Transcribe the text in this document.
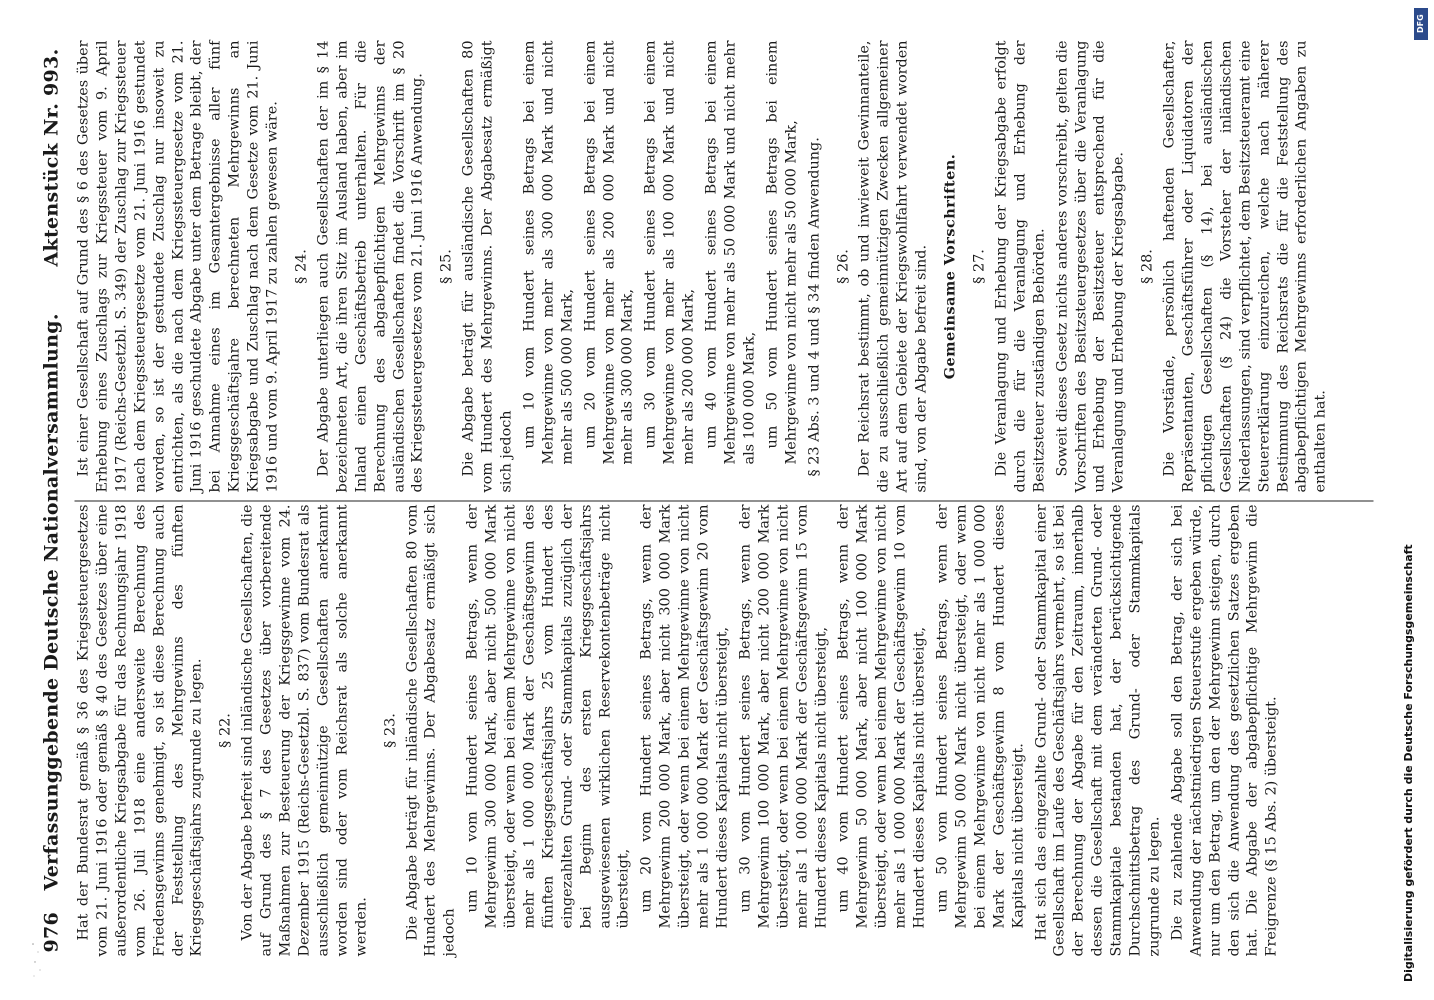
976
Verfassunggebende Deutsche Nationalversammlung.
Aktenstück Nr. 993.

Hat der Bundesrat gemäß § 36 des Kriegssteuergesetzes vom 21. Juni 1916 oder gemäß § 40 des Gesetzes über eine außerordentliche Kriegsabgabe für das Rechnungsjahr 1918 vom 26. Juli 1918 eine andersweite Berechnung des Friedensgewinns genehmigt, so ist diese Berechnung auch der Feststellung des Mehrgewinns des fünften Kriegsgeschäftsjahrs zugrunde zu legen. § 22. Von der Abgabe befreit sind inländische Gesellschaften, die auf Grund des § 7 des Gesetzes über vorbereitende Maßnahmen zur Besteuerung der Kriegsgewinne vom 24. Dezember 1915 (Reichs-Gesetzbl. S. 837) vom Bundesrat als ausschließlich gemeinnützige Gesellschaften anerkannt worden sind oder vom Reichsrat als solche anerkannt werden.

§ 23. Die Abgabe beträgt für inländische Gesellschaften 80 vom Hundert des Mehrgewinns. Der Abgabesatz ermäßigt sich jedoch

um 10 vom Hundert seines Betrags, wenn der Mehrgewinn 300 000 Mark, aber nicht 500 000 Mark übersteigt, oder wenn bei einem Mehrgewinne von nicht mehr als 1 000 000 Mark der Geschäftsgewinn des fünften Kriegsgeschäftsjahrs 25 vom Hundert des eingezahlten Grund- oder Stammkapitals zuzüglich der bei Beginn des ersten Kriegsgeschäftsjahrs ausgewiesenen wirklichen Reservekontenbeträge nicht übersteigt, um 20 vom Hundert seines Betrags, wenn der Mehrgewinn 200 000 Mark, aber nicht 300 000 Mark übersteigt, oder wenn bei einem Mehrgewinne von nicht mehr als 1 000 000 Mark der Geschäftsgewinn 20 vom Hundert dieses Kapitals nicht übersteigt, um 30 vom Hundert seines Betrags, wenn der Mehrgewinn 100 000 Mark, aber nicht 200 000 Mark übersteigt, oder wenn bei einem Mehrgewinne von nicht mehr als 1 000 000 Mark der Geschäftsgewinn 15 vom Hundert dieses Kapitals nicht übersteigt, um 40 vom Hundert seines Betrags, wenn der Mehrgewinn 50 000 Mark, aber nicht 100 000 Mark übersteigt, oder wenn bei einem Mehrgewinne von nicht mehr als 1 000 000 Mark der Geschäftsgewinn 10 vom Hundert dieses Kapitals nicht übersteigt, um 50 vom Hundert seines Betrags, wenn der Mehrgewinn 50 000 Mark nicht übersteigt, oder wenn bei einem Mehrgewinne von nicht mehr als 1 000 000 Mark der Geschäftsgewinn 8 vom Hundert dieses Kapitals nicht übersteigt. Hat sich das eingezahlte Grund- oder Stammkapital einer Gesellschaft im Laufe des Geschäftsjahrs vermehrt, so ist bei der Berechnung der Abgabe für den Zeitraum, innerhalb dessen die Gesellschaft mit dem veränderten Grund- oder Stammkapitale bestanden hat, der berücksichtigende Durchschnittsbetrag des Grund- oder Stammkapitals zugrunde zu legen. Die zu zahlende Abgabe soll den Betrag, der sich bei Anwendung der nächstniedrigen Steuerstufe ergeben würde, nur um den Betrag, um den der Mehrgewinn steigen, durch den sich die Anwendung des gesetzlichen Satzes ergeben hat. Die Abgabe der abgabepflichtige Mehrgewinn die Freigrenze (§ 15 Abs. 2) übersteigt.

Ist einer Gesellschaft auf Grund des § 6 des Gesetzes über Erhebung eines Zuschlags zur Kriegssteuer vom 9. April 1917 (Reichs-Gesetzbl. S. 349) der Zuschlag zur Kriegssteuer nach dem Kriegssteuergesetze vom 21. Juni 1916 gestundet worden, so ist der gestundete Zuschlag nur insoweit zu entrichten, als die nach dem Kriegssteuergesetze vom 21. Juni 1916 geschuldete Abgabe unter dem Betrage bleibt, der bei Annahme eines im Gesamtergebnisse aller fünf Kriegsgeschäftsjahre berechneten Mehrgewinns an Kriegsabgabe und Zuschlag nach dem Gesetze vom 21. Juni 1916 und vom 9. April 1917 zu zahlen gewesen wäre. § 24. Der Abgabe unterliegen auch Gesellschaften der im § 14 bezeichneten Art, die ihren Sitz im Ausland haben, aber im Inland einen Geschäftsbetrieb unterhalten. Für die Berechnung des abgabepflichtigen Mehrgewinns der ausländischen Gesellschaften findet die Vorschrift im § 20 des Kriegssteuergesetzes vom 21. Juni 1916 Anwendung. § 25. Die Abgabe beträgt für ausländische Gesellschaften 80 vom Hundert des Mehrgewinns. Der Abgabesatz ermäßigt sich jedoch

um 10 vom Hundert seines Betrags bei einem Mehrgewinne von mehr als 300 000 Mark und nicht mehr als 500 000 Mark, um 20 vom Hundert seines Betrags bei einem Mehrgewinne von mehr als 200 000 Mark und nicht mehr als 300 000 Mark, um 30 vom Hundert seines Betrags bei einem Mehrgewinne von mehr als 100 000 Mark und nicht mehr als 200 000 Mark, um 40 vom Hundert seines Betrags bei einem Mehrgewinne von mehr als 50 000 Mark und nicht mehr als 100 000 Mark, um 50 vom Hundert seines Betrags bei einem Mehrgewinne von nicht mehr als 50 000 Mark, § 23 Abs. 3 und 4 und § 34 finden Anwendung. § 26. Der Reichsrat bestimmt, ob und inwieweit Gewinnanteile, die zu ausschließlich gemeinnützigen Zwecken allgemeiner Art auf dem Gebiete der Kriegswohlfahrt verwendet worden sind, von der Abgabe befreit sind. Gemeinsame Vorschriften. § 27. Die Veranlagung und Erhebung der Kriegsabgabe erfolgt durch die für die Veranlagung und Erhebung der Besitzsteuer zuständigen Behörden. Soweit dieses Gesetz nichts anderes vorschreibt, gelten die Vorschriften des Besitzsteuergesetzes über die Veranlagung und Erhebung der Besitzsteuer entsprechend für die Veranlagung und Erhebung der Kriegsabgabe. § 28. Die Vorstände, persönlich haftenden Gesellschafter, Repräsentanten, Geschäftsführer oder Liquidatoren der pflichtigen Gesellschaften (§ 14), bei ausländischen Gesellschaften (§ 24) die Vorsteher der inländischen Niederlassungen, sind verpflichtet, dem Besitzsteueramt eine Steuererklärung einzureichen, welche nach näherer Bestimmung des Reichsrats die für die Feststellung des abgabepflichtigen Mehrgewinns erforderlichen Angaben zu enthalten hat.

Digitalisierung gefördert durch die Deutsche Forschungsgemeinschaft
DFG
